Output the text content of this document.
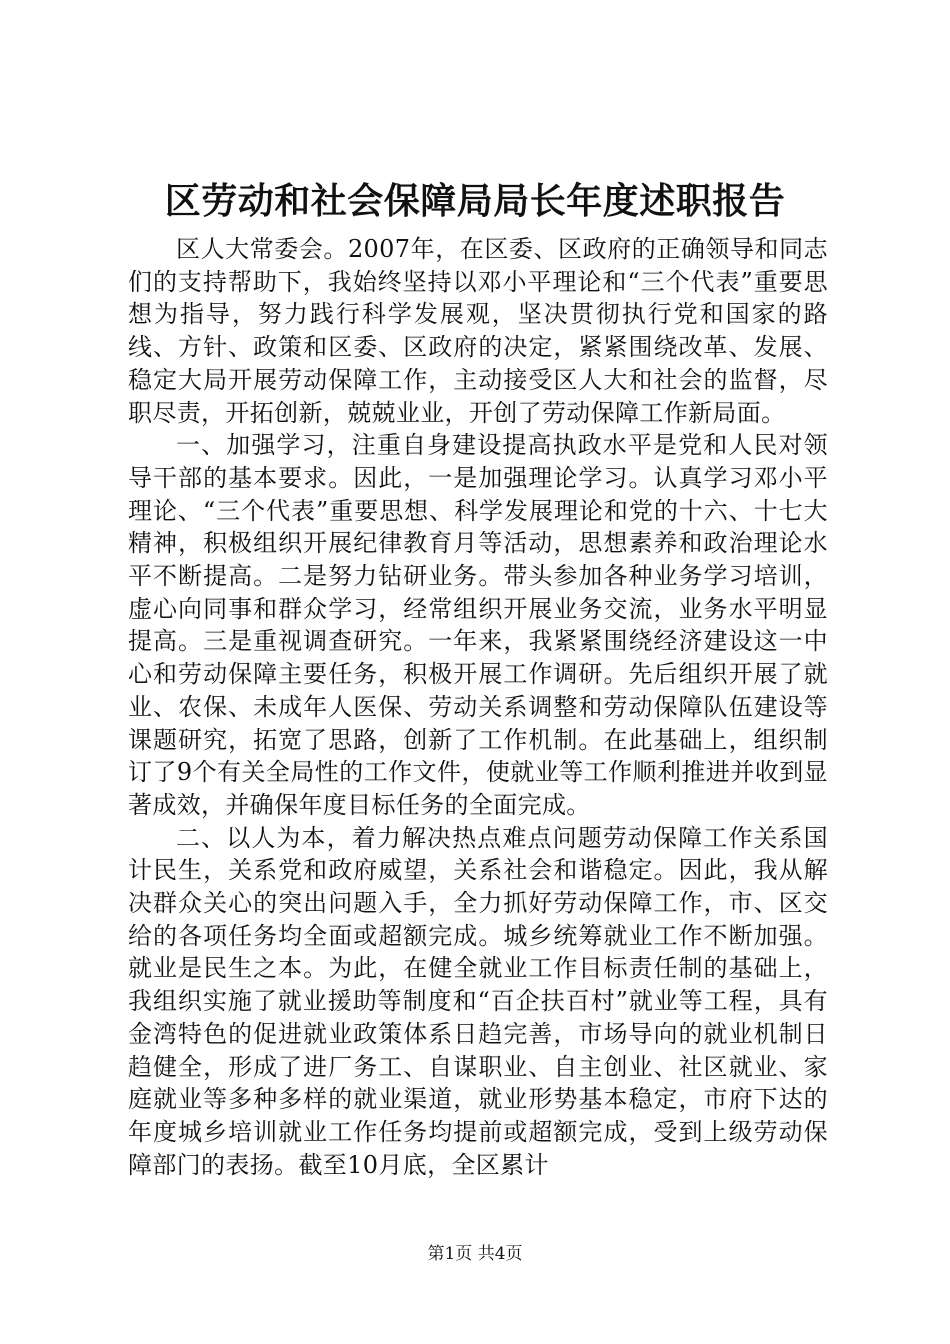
区劳动和社会保障局局长年度述职报告

区人大常委会。2007年，在区委、区政府的正确领导和同志们的支持帮助下，我始终坚持以邓小平理论和“三个代表”重要思想为指导，努力践行科学发展观，坚决贯彻执行党和国家的路线、方针、政策和区委、区政府的决定，紧紧围绕改革、发展、稳定大局开展劳动保障工作，主动接受区人大和社会的监督，尽职尽责，开拓创新，兢兢业业，开创了劳动保障工作新局面。

一、加强学习，注重自身建设提高执政水平是党和人民对领导干部的基本要求。因此，一是加强理论学习。认真学习邓小平理论、“三个代表”重要思想、科学发展理论和党的十六、十七大精神，积极组织开展纪律教育月等活动，思想素养和政治理论水平不断提高。二是努力钻研业务。带头参加各种业务学习培训，虚心向同事和群众学习，经常组织开展业务交流，业务水平明显提高。三是重视调查研究。一年来，我紧紧围绕经济建设这一中心和劳动保障主要任务，积极开展工作调研。先后组织开展了就业、农保、未成年人医保、劳动关系调整和劳动保障队伍建设等课题研究，拓宽了思路，创新了工作机制。在此基础上，组织制订了9个有关全局性的工作文件，使就业等工作顺利推进并收到显著成效，并确保年度目标任务的全面完成。

二、以人为本，着力解决热点难点问题劳动保障工作关系国计民生，关系党和政府威望，关系社会和谐稳定。因此，我从解决群众关心的突出问题入手，全力抓好劳动保障工作，市、区交给的各项任务均全面或超额完成。城乡统筹就业工作不断加强。就业是民生之本。为此，在健全就业工作目标责任制的基础上，我组织实施了就业援助等制度和“百企扶百村”就业等工程，具有金湾特色的促进就业政策体系日趋完善，市场导向的就业机制日趋健全，形成了进厂务工、自谋职业、自主创业、社区就业、家庭就业等多种多样的就业渠道，就业形势基本稳定，市府下达的年度城乡培训就业工作任务均提前或超额完成，受到上级劳动保障部门的表扬。截至10月底，全区累计

第1页 共4页
